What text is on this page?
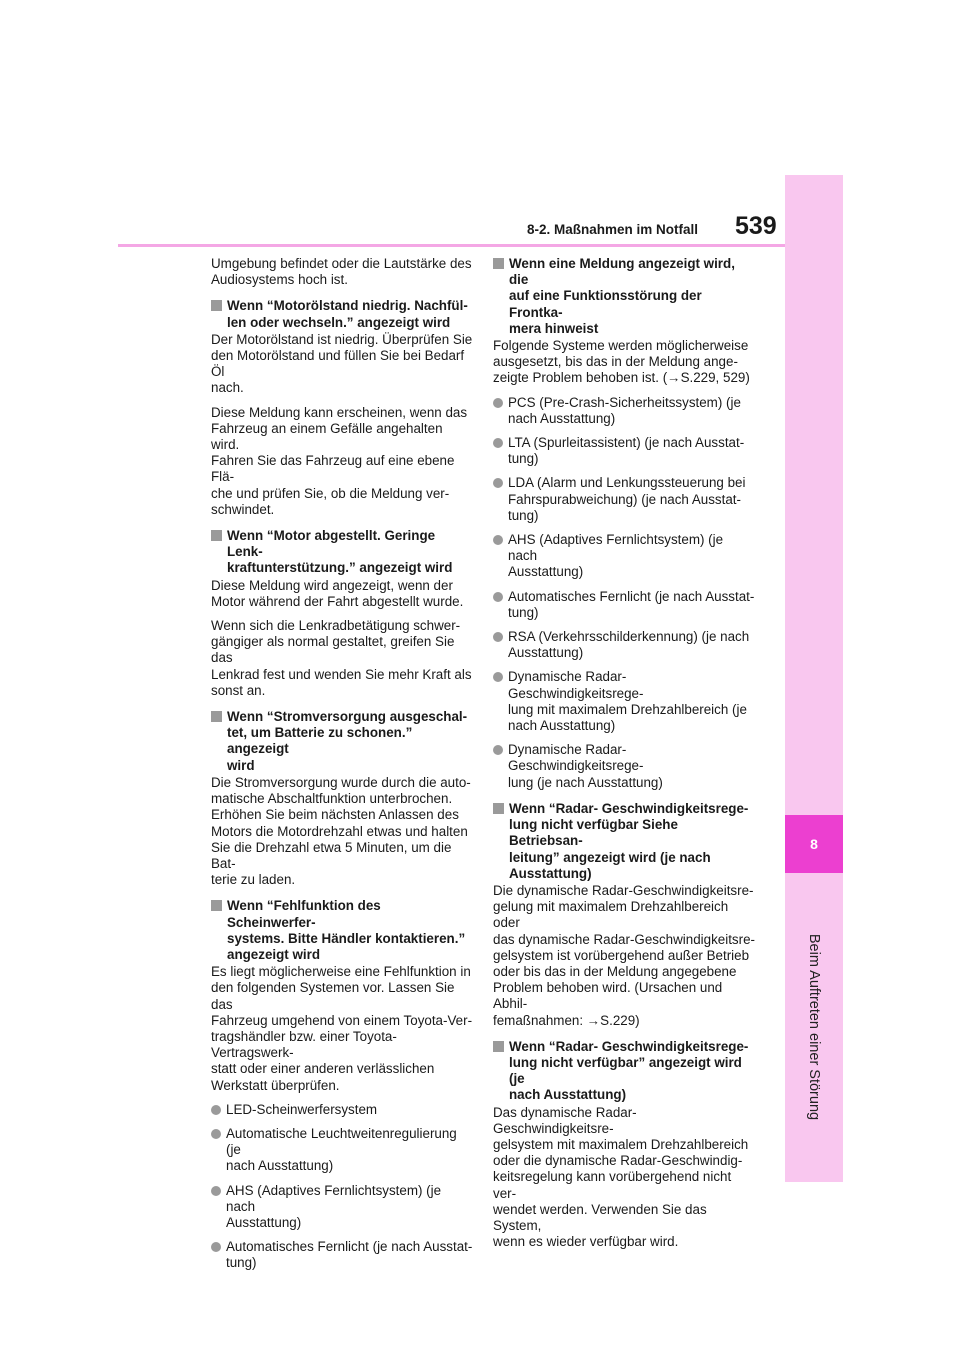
8
Beim Auftreten einer Störung
8-2. Maßnahmen im Notfall 539

Umgebung befindet oder die Lautstärke des
Audiosystems hoch ist.

Wenn “Motorölstand niedrig. Nachfül-
len oder wechseln.” angezeigt wird

Der Motorölstand ist niedrig. Überprüfen Sie
den Motorölstand und füllen Sie bei Bedarf Öl
nach.

Diese Meldung kann erscheinen, wenn das
Fahrzeug an einem Gefälle angehalten wird.
Fahren Sie das Fahrzeug auf eine ebene Flä-
che und prüfen Sie, ob die Meldung ver-
schwindet.

Wenn “Motor abgestellt. Geringe Lenk-
kraftunterstützung.” angezeigt wird

Diese Meldung wird angezeigt, wenn der
Motor während der Fahrt abgestellt wurde.

Wenn sich die Lenkradbetätigung schwer-
gängiger als normal gestaltet, greifen Sie das
Lenkrad fest und wenden Sie mehr Kraft als
sonst an.

Wenn “Stromversorgung ausgeschal-
tet, um Batterie zu schonen.” angezeigt
wird

Die Stromversorgung wurde durch die auto-
matische Abschaltfunktion unterbrochen.
Erhöhen Sie beim nächsten Anlassen des
Motors die Motordrehzahl etwas und halten
Sie die Drehzahl etwa 5 Minuten, um die Bat-
terie zu laden.

Wenn “Fehlfunktion des Scheinwerfer-
systems. Bitte Händler kontaktieren.”
angezeigt wird

Es liegt möglicherweise eine Fehlfunktion in
den folgenden Systemen vor. Lassen Sie das
Fahrzeug umgehend von einem Toyota-Ver-
tragshändler bzw. einer Toyota-Vertragswerk-
statt oder einer anderen verlässlichen
Werkstatt überprüfen.

LED-Scheinwerfersystem
Automatische Leuchtweitenregulierung (je
nach Ausstattung)
AHS (Adaptives Fernlichtsystem) (je nach
Ausstattung)
Automatisches Fernlicht (je nach Ausstat-
tung)
Wenn eine Meldung angezeigt wird, die
auf eine Funktionsstörung der Frontka-
mera hinweist

Folgende Systeme werden möglicherweise
ausgesetzt, bis das in der Meldung ange-
zeigte Problem behoben ist. (→S.229, 529)

PCS (Pre-Crash-Sicherheitssystem) (je
nach Ausstattung)
LTA (Spurleitassistent) (je nach Ausstat-
tung)
LDA (Alarm und Lenkungssteuerung bei
Fahrspurabweichung) (je nach Ausstat-
tung)
AHS (Adaptives Fernlichtsystem) (je nach
Ausstattung)
Automatisches Fernlicht (je nach Ausstat-
tung)
RSA (Verkehrsschilderkennung) (je nach
Ausstattung)
Dynamische Radar-Geschwindigkeitsrege-
lung mit maximalem Drehzahlbereich (je
nach Ausstattung)
Dynamische Radar-Geschwindigkeitsrege-
lung (je nach Ausstattung)
Wenn “Radar- Geschwindigkeitsrege-
lung nicht verfügbar Siehe Betriebsan-
leitung” angezeigt wird (je nach
Ausstattung)

Die dynamische Radar-Geschwindigkeitsre-
gelung mit maximalem Drehzahlbereich oder
das dynamische Radar-Geschwindigkeitsre-
gelsystem ist vorübergehend außer Betrieb
oder bis das in der Meldung angegebene
Problem behoben wird. (Ursachen und Abhil-
femaßnahmen: →S.229)

Wenn “Radar- Geschwindigkeitsrege-
lung nicht verfügbar” angezeigt wird (je
nach Ausstattung)

Das dynamische Radar-Geschwindigkeitsre-
gelsystem mit maximalem Drehzahlbereich
oder die dynamische Radar-Geschwindig-
keitsregelung kann vorübergehend nicht ver-
wendet werden. Verwenden Sie das System,
wenn es wieder verfügbar wird.
